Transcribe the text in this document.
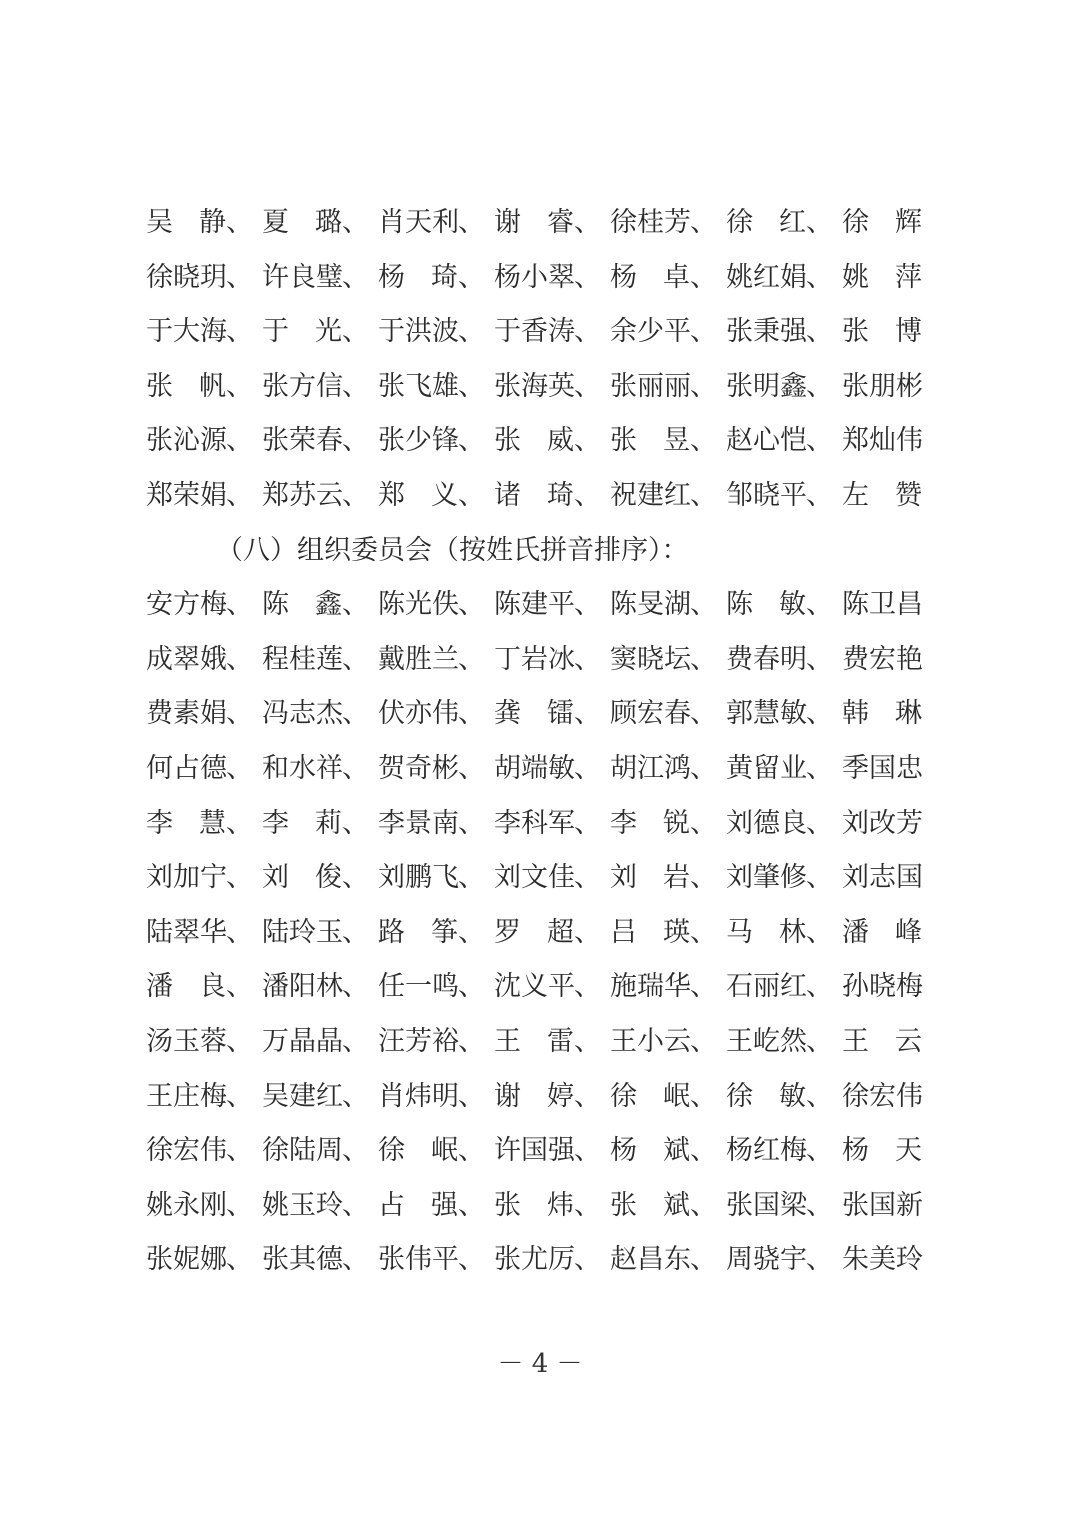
吴静、 夏璐、 肖天利、 谢睿、 徐桂芳、 徐红、 徐辉
徐晓玥、 许良璧、 杨琦、 杨小翠、 杨卓、 姚红娟、 姚萍
于大海、 于光、 于洪波、 于香涛、 余少平、 张秉强、 张博
张帆、 张方信、 张飞雄、 张海英、 张丽丽、 张明鑫、 张朋彬
张沁源、 张荣春、 张少锋、 张威、 张昱、 赵心恺、 郑灿伟
郑荣娟、 郑苏云、 郑义、 诸琦、 祝建红、 邹晓平、 左赞
（八）组织委员会（按姓氏拼音排序）：
安方梅、 陈鑫、 陈光佚、 陈建平、 陈旻湖、 陈敏、 陈卫昌
成翠娥、 程桂莲、 戴胜兰、 丁岩冰、 窦晓坛、 费春明、 费宏艳
费素娟、 冯志杰、 伏亦伟、 龚镭、 顾宏春、 郭慧敏、 韩琳
何占德、 和水祥、 贺奇彬、 胡端敏、 胡江鸿、 黄留业、 季国忠
李慧、 李莉、 李景南、 李科军、 李锐、 刘德良、 刘改芳
刘加宁、 刘俊、 刘鹏飞、 刘文佳、 刘岩、 刘肇修、 刘志国
陆翠华、 陆玲玉、 路筝、 罗超、 吕瑛、 马林、 潘峰
潘良、 潘阳林、 任一鸣、 沈义平、 施瑞华、 石丽红、 孙晓梅
汤玉蓉、 万晶晶、 汪芳裕、 王雷、 王小云、 王屹然、 王云
王庄梅、 吴建红、 肖炜明、 谢婷、 徐岷、 徐敏、 徐宏伟
徐宏伟、 徐陆周、 徐岷、 许国强、 杨斌、 杨红梅、 杨天
姚永刚、 姚玉玲、 占强、 张炜、 张斌、 张国梁、 张国新
张妮娜、 张其德、 张伟平、 张尤厉、 赵昌东、 周骁宇、 朱美玲
－ 4 －
